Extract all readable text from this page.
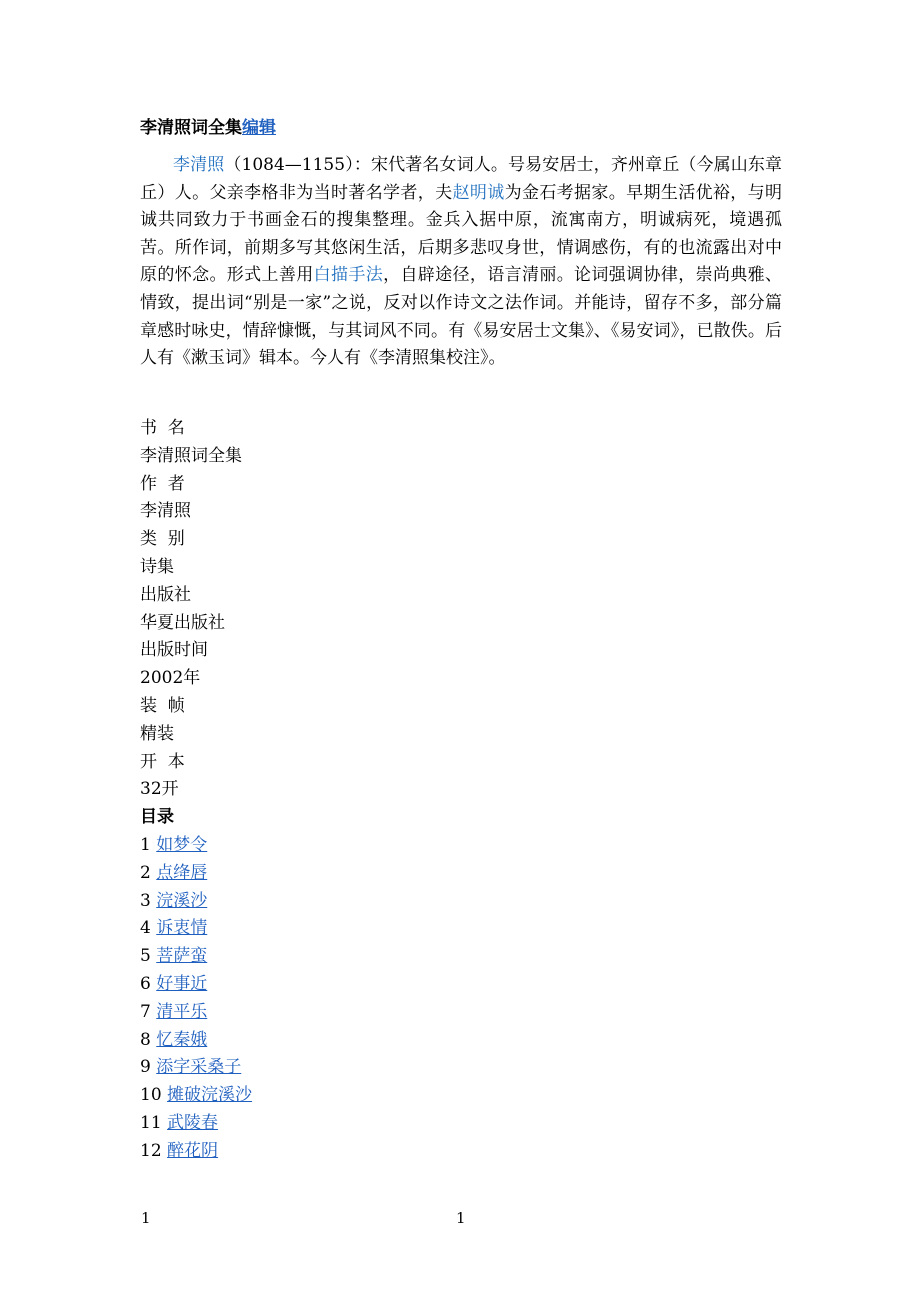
李清照词全集编辑

李清照（1084—1155）：宋代著名女词人。号易安居士，齐州章丘（今属山东章丘）人。父亲李格非为当时著名学者，夫赵明诚为金石考据家。早期生活优裕，与明诚共同致力于书画金石的搜集整理。金兵入据中原，流寓南方，明诚病死，境遇孤苦。所作词，前期多写其悠闲生活，后期多悲叹身世，情调感伤，有的也流露出对中原的怀念。形式上善用白描手法，自辟途径，语言清丽。论词强调协律，崇尚典雅、情致，提出词“别是一家”之说，反对以作诗文之法作词。并能诗，留存不多，部分篇章感时咏史，情辞慷慨，与其词风不同。有《易安居士文集》、《易安词》，已散佚。后人有《漱玉词》辑本。今人有《李清照集校注》。

书  名
李清照词全集
作  者
李清照
类  别
诗集
出版社
华夏出版社
出版时间
2002年
装  帧
精装
开  本
32开
目录
1 如梦令
2 点绛唇
3 浣溪沙
4 诉衷情
5 菩萨蛮
6 好事近
7 清平乐
8 忆秦娥
9 添字采桑子
10 摊破浣溪沙
11 武陵春
12 醉花阴
1	1
